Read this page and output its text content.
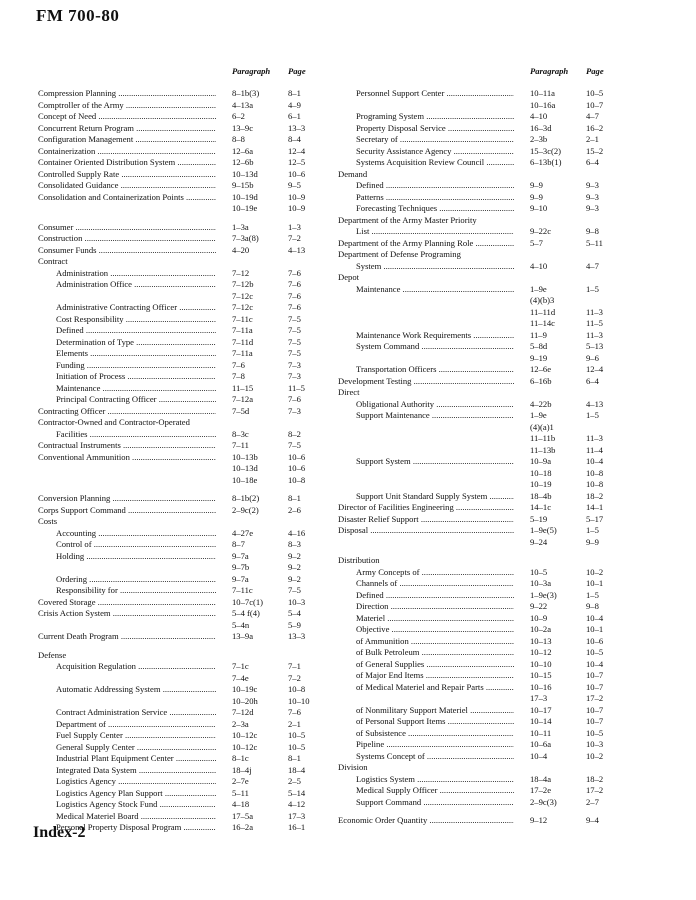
FM 700-80
Paragraph Page
Compression Planning .....	8–1b(3)	8–1
Comptroller of the Army .....	4–13a	4–9
Concept of Need .....	6–2	6–1
Concurrent Return Program .....	13–9c	13–3
Configuration Management .....	8–8	8–4
Containerization .....	12–6a	12–4
Container Oriented Distribution System .....	12–6b	12–5
Controlled Supply Rate .....	10–13d	10–6
Consolidated Guidance .....	9–15b	9–5
Consolidation and Containerization Points .....	10–19d	10–9
10–19e	10–9
Consumer .....	1–3a	1–3
Construction .....	7–3a(8)	7–2
Consumer Funds .....	4–20	4–13
Contract
Administration .....	7–12	7–6
Administration Office .....	7–12b	7–6
7–12c	7–6
Administrative Contracting Officer .....	7–12c	7–6
Cost Responsibility .....	7–11c	7–5
Defined .....	7–11a	7–5
Determination of Type .....	7–11d	7–5
Elements .....	7–11a	7–5
Funding .....	7–6	7–3
Initiation of Process .....	7–8	7–3
Maintenance .....	11–15	11–5
Principal Contracting Officer .....	7–12a	7–6
Contracting Officer .....	7–5d	7–3
Contractor-Owned and Contractor-Operated
Facilities .....	8–3c	8–2
Contractual Instruments .....	7–11	7–5
Conventional Ammunition .....	10–13b	10–6
10–13d	10–6
10–18e	10–8
Conversion Planning .....	8–1b(2)	8–1
Corps Support Command .....	2–9c(2)	2–6
Costs
Accounting .....	4–27e	4–16
Control of .....	8–7	8–3
Holding .....	9–7a	9–2
9–7b	9–2
Ordering .....	9–7a	9–2
Responsibility for .....	7–11c	7–5
Covered Storage .....	10–7c(1)	10–3
Crisis Action System .....	5–4 f(4)	5–4
5–4n	5–9
Current Death Program .....	13–9a	13–3
Defense
Acquisition Regulation .....	7–1c	7–1
7–4e	7–2
Automatic Addressing System .....	10–19c	10–8
10–20h	10–10
Contract Administration Service .....	7–12d	7–6
Department of .....	2–3a	2–1
Fuel Supply Center .....	10–12c	10–5
General Supply Center .....	10–12c	10–5
Industrial Plant Equipment Center .....	8–1c	8–1
Integrated Data System .....	18–4j	18–4
Logistics Agency .....	2–7e	2–5
Logistics Agency Plan Support .....	5–11	5–14
Logistics Agency Stock Fund .....	4–18	4–12
Medical Materiel Board .....	17–5a	17–3
Personal Property Disposal Program .....	16–2a	16–1
Paragraph Page
Personnel Support Center .....	10–11a	10–5
10–16a	10–7
Programing System .....	4–10	4–7
Property Disposal Service .....	16–3d	16–2
Secretary of .....	2–3b	2–1
Security Assistance Agency .....	15–3c(2)	15–2
Systems Acquisition Review Council .....	6–13b(1)	6–4
Demand
Defined .....	9–9	9–3
Patterns .....	9–9	9–3
Forecasting Techniques .....	9–10	9–3
Department of the Army Master Priority
List .....	9–22c	9–8
Department of the Army Planning Role .....	5–7	5–11
Department of Defense Programing
System .....	4–10	4–7
Depot
Maintenance .....	1–9e	1–5
(4)(b)3
11–11d	11–3
11–14c	11–5
Maintenance Work Requirements .....	11–9	11–3
System Command .....	5–8d	5–13
9–19	9–6
Transportation Officers .....	12–6e	12–4
Development Testing .....	6–16b	6–4
Direct
Obligational Authority .....	4–22b	4–13
Support Maintenance .....	1–9e	1–5
(4)(a)1
11–11b	11–3
11–13b	11–4
Support System .....	10–9a	10–4
10–18	10–8
10–19	10–8
Support Unit Standard Supply System .....	18–4b	18–2
Director of Facilities Engineering .....	14–1c	14–1
Disaster Relief Support .....	5–19	5–17
Disposal .....	1–9e(5)	1–5
9–24	9–9
Distribution
Army Concepts of .....	10–5	10–2
Channels of .....	10–3a	10–1
Defined .....	1–9e(3)	1–5
Direction .....	9–22	9–8
Materiel .....	10–9	10–4
Objective .....	10–2a	10–1
of Ammunition .....	10–13	10–6
of Bulk Petroleum .....	10–12	10–5
of General Supplies .....	10–10	10–4
of Major End Items .....	10–15	10–7
of Medical Materiel and Repair Parts .....	10–16	10–7
17–3	17–2
of Nonmilitary Support Materiel .....	10–17	10–7
of Personal Support Items .....	10–14	10–7
of Subsistence .....	10–11	10–5
Pipeline .....	10–6a	10–3
Systems Concept of .....	10–4	10–2
Division
Logistics System .....	18–4a	18–2
Medical Supply Officer .....	17–2e	17–2
Support Command .....	2–9c(3)	2–7
Economic Order Quantity .....	9–12	9–4
Index-2
